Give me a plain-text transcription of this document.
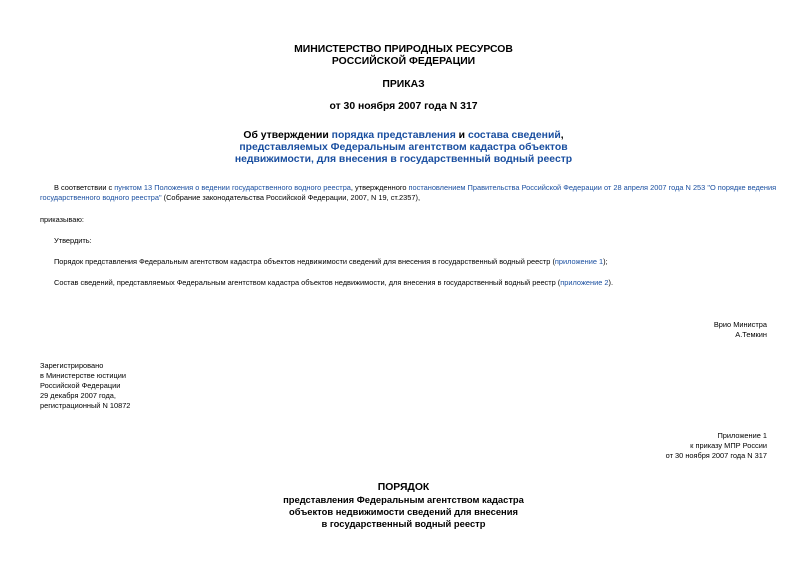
МИНИСТЕРСТВО ПРИРОДНЫХ РЕСУРСОВ

РОССИЙСКОЙ ФЕДЕРАЦИИ

ПРИКАЗ

от 30 ноября 2007 года N 317

Об утверждении порядка представления и состава сведений,

представляемых Федеральным агентством кадастра объектов

недвижимости, для внесения в государственный водный реестр

В соответствии с пунктом 13 Положения о ведении государственного водного реестра, утвержденного постановлением Правительства Российской Федерации от 28 апреля 2007 года N 253 "О порядке ведения государственного водного реестра" (Собрание законодательства Российской Федерации, 2007, N 19, ст.2357),

приказываю:

Утвердить:

Порядок представления Федеральным агентством кадастра объектов недвижимости сведений для внесения в государственный водный реестр (приложение 1);

Состав сведений, представляемых Федеральным агентством кадастра объектов недвижимости, для внесения в государственный водный реестр (приложение 2).

Врио Министра
А.Темкин
Зарегистрировано
в Министерстве юстиции
Российской Федерации
29 декабря 2007 года,
регистрационный N 10872
Приложение 1
к приказу МПР России
от 30 ноября 2007 года N 317

ПОРЯДОК

представления Федеральным агентством кадастра

объектов недвижимости сведений для внесения

в государственный водный реестр
